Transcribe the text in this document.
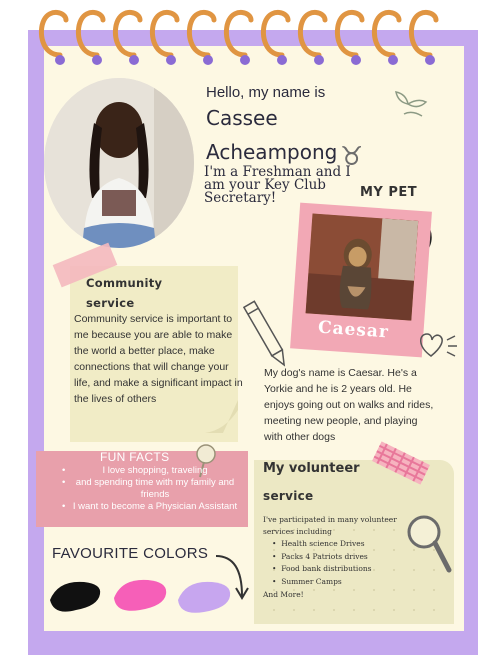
Hello, my name is
Cassee
Acheampong
I'm a Freshman and I am your Key Club Secretary!
♉
MY PET
Caesar
Community
service
Community service is important to me because you are able to make the world a better place, make connections that will change your life, and make a significant impact in the lives of others
My dog's name is Caesar. He's a Yorkie and he is 2 years old. He enjoys going out on walks and rides, meeting new people, and playing with other dogs
FUN FACTS
•	I love shopping, traveling
• and spending time with my family and friends
• I want to become a Physician Assistant
My volunteer
service
I've participated in many volunteer services including
•  Health science Drives
•  Packs 4 Patriots drives
•  Food bank distributions
•  Summer Camps
And More!
FAVOURITE COLORS
